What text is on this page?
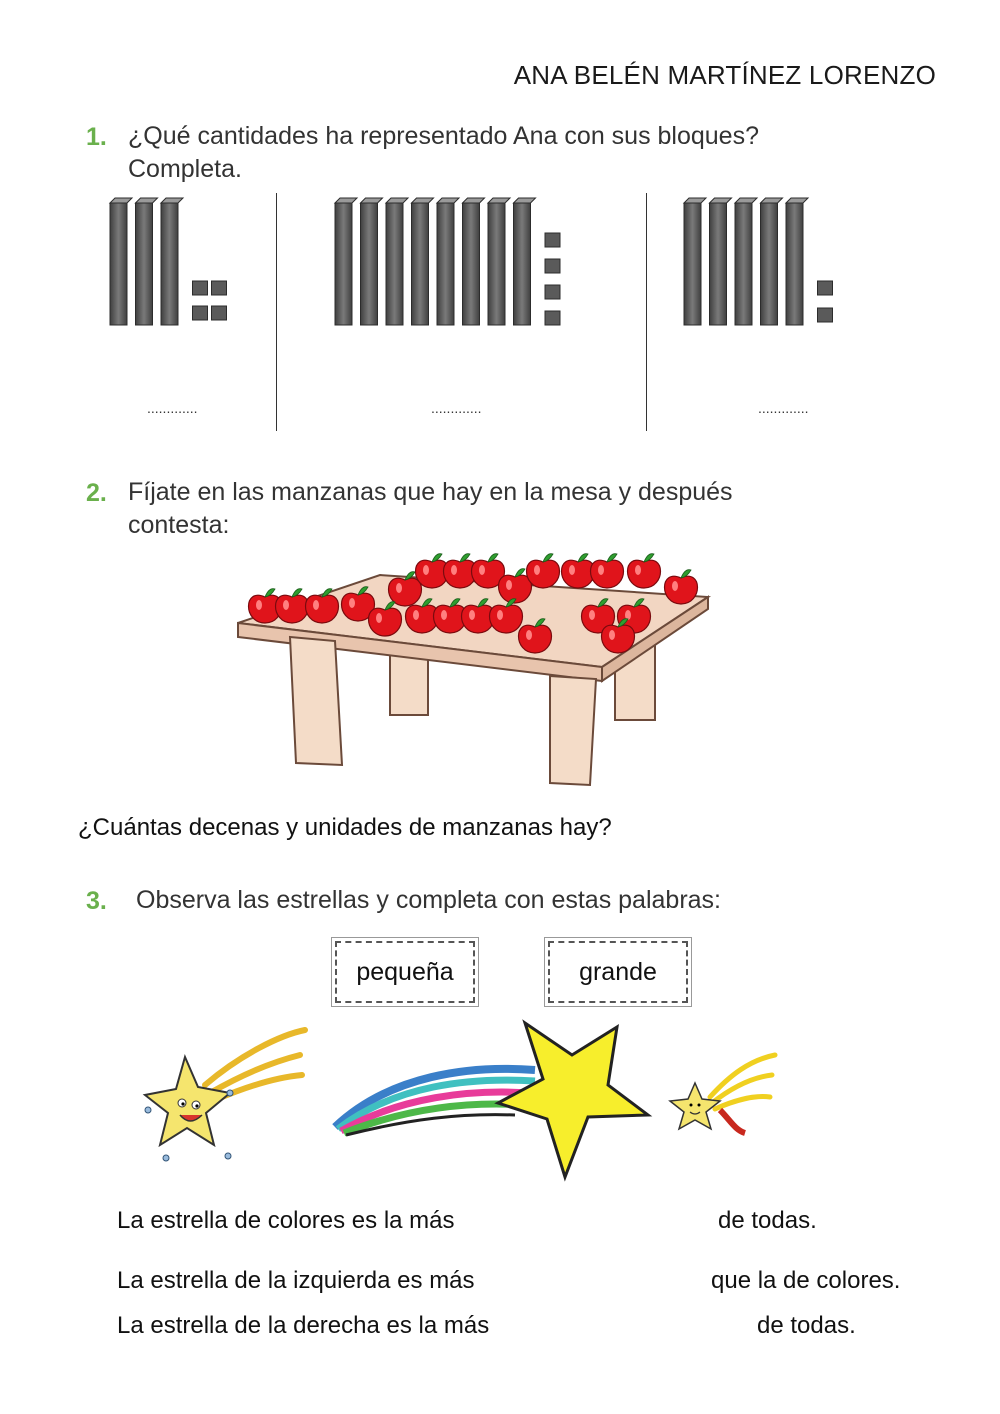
ANA BELÉN MARTÍNEZ LORENZO
1. ¿Qué cantidades ha representado Ana con sus bloques?
Completa.
.............	.............	.............
2. Fíjate en las manzanas que hay en la mesa y después
contesta:
¿Cuántas decenas y unidades de manzanas hay?
3. Observa las estrellas y completa con estas palabras:
pequeña	grande
La estrella de colores es la más	de todas.
La estrella de la izquierda es más	que la de colores.
La estrella de la derecha es la más	de todas.
